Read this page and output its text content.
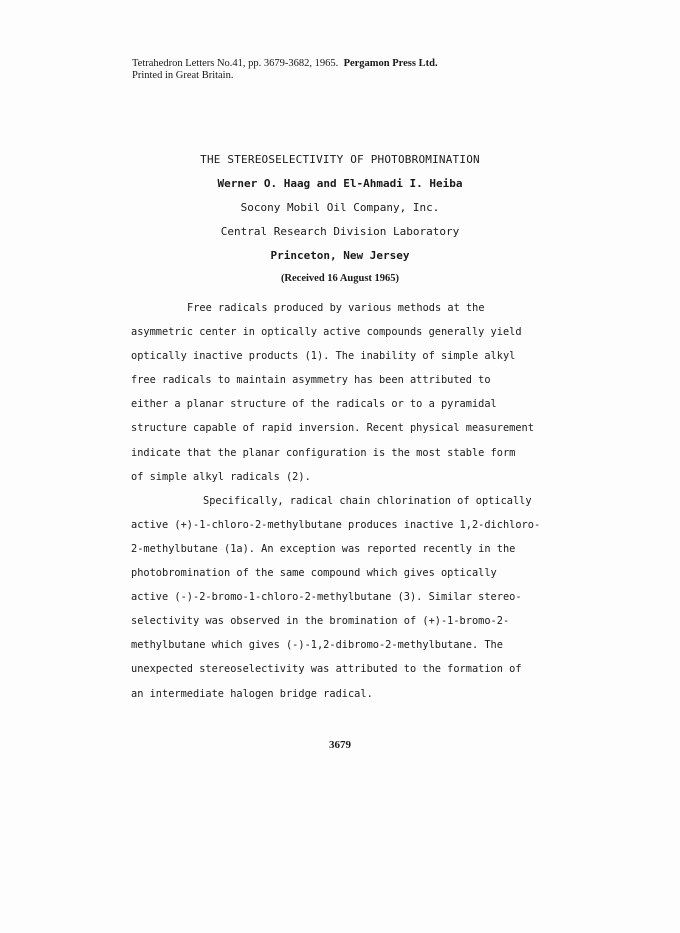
Tetrahedron Letters No.41, pp. 3679-3682, 1965. Pergamon Press Ltd.
Printed in Great Britain.
THE STEREOSELECTIVITY OF PHOTOBROMINATION
Werner O. Haag and El-Ahmadi I. Heiba
Socony Mobil Oil Company, Inc.
Central Research Division Laboratory
Princeton, New Jersey
(Received 16 August 1965)
Free radicals produced by various methods at the
asymmetric center in optically active compounds generally yield
optically inactive products (1). The inability of simple alkyl
free radicals to maintain asymmetry has been attributed to
either a planar structure of the radicals or to a pyramidal
structure capable of rapid inversion. Recent physical measurement
indicate that the planar configuration is the most stable form
of simple alkyl radicals (2).
Specifically, radical chain chlorination of optically
active (+)-1-chloro-2-methylbutane produces inactive 1,2-dichloro-
2-methylbutane (1a). An exception was reported recently in the
photobromination of the same compound which gives optically
active (-)-2-bromo-1-chloro-2-methylbutane (3). Similar stereo-
selectivity was observed in the bromination of (+)-1-bromo-2-
methylbutane which gives (-)-1,2-dibromo-2-methylbutane. The
unexpected stereoselectivity was attributed to the formation of
an intermediate halogen bridge radical.
3679
